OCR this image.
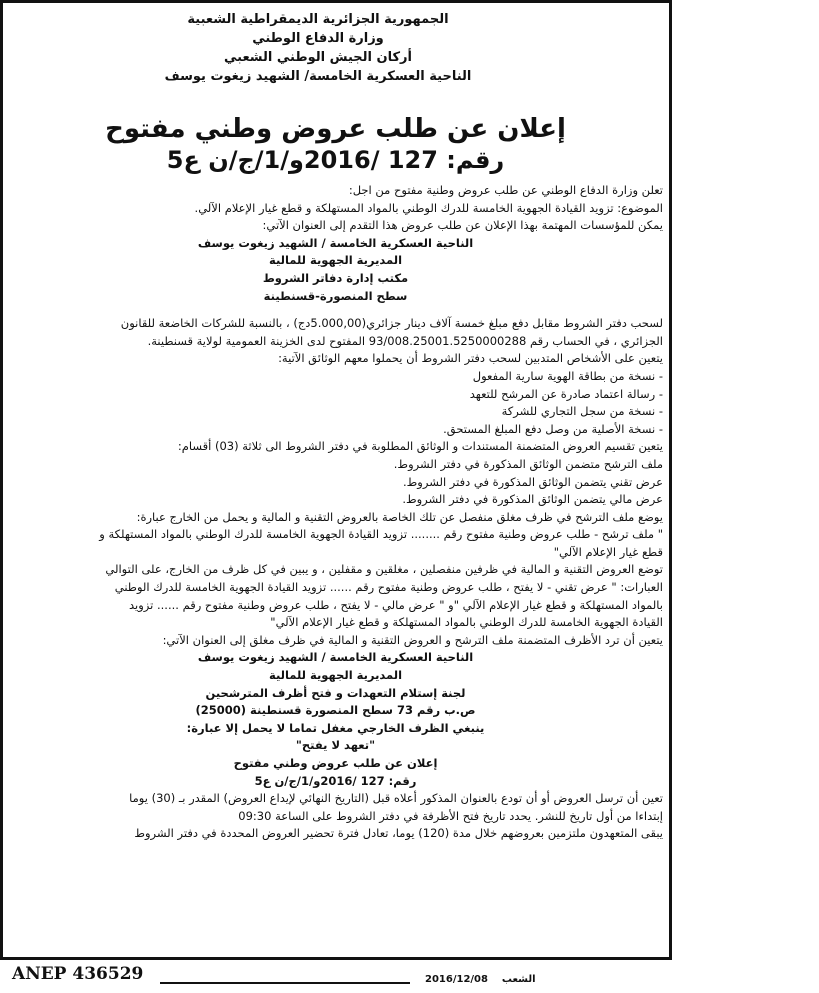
الجمهورية الجزائرية الديمقراطية الشعبية
وزارة الدفاع الوطني
أركان الجيش الوطني الشعبي
الناحية العسكرية الخامسة/ الشهيد زيغوت يوسف
إعلان عن طلب عروض وطني مفتوح
رقم: 127 /2016و/1/ج/ن ع5
تعلن وزارة الدفاع الوطني عن طلب عروض وطنية مفتوح من اجل:
الموضوع: تزويد القيادة الجهوية الخامسة للدرك الوطني بالمواد المستهلكة و قطع غيار الإعلام الآلي.
يمكن للمؤسسات المهتمة بهذا الإعلان عن طلب عروض هذا التقدم إلى العنوان الآتي:
الناحية العسكرية الخامسة / الشهيد زيغوت يوسف
المديرية الجهوية للمالية
مكتب إدارة دفاتر الشروط
سطح المنصورة-قسنطينة
لسحب دفتر الشروط مقابل دفع مبلغ خمسة آلاف دينار جزائري(5.000,00دج) ، بالنسبة للشركات الخاضعة للقانون
الجزائري ، في الحساب رقم 93/008.25001.5250000288 المفتوح لدى الخزينة العمومية لولاية قسنطينة.
يتعين على الأشخاص المتدبين لسحب دفتر الشروط أن يحملوا معهم الوثائق الآتية:
- نسخة من بطاقة الهوية سارية المفعول
- رسالة اعتماد صادرة عن المرشح للتعهد
- نسخة من سجل التجاري للشركة
- نسخة الأصلية من وصل دفع المبلغ المستحق.
يتعين تقسيم العروض المتضمنة المستندات و الوثائق المطلوبة في دفتر الشروط الى ثلاثة (03) أقسام:
ملف الترشح متضمن الوثائق المذكورة في دفتر الشروط.
عرض تقني يتضمن الوثائق المذكورة في دفتر الشروط.
عرض مالي يتضمن الوثائق المذكورة في دفتر الشروط.
يوضع ملف الترشح في ظرف مغلق منفصل عن تلك الخاصة بالعروض التقنية و المالية و يحمل من الخارج عبارة:
" ملف ترشح - طلب عروض وطنية مفتوح رقم ........ تزويد القيادة الجهوية الخامسة للدرك الوطني بالمواد المستهلكة و
قطع غيار الإعلام الآلي"
توضع العروض التقنية و المالية في ظرفين منفصلين ، مغلقين و مقفلين ، و يبين في كل ظرف من الخارج، على التوالي
العبارات: " عرض تقني - لا يفتح ، طلب عروض وطنية مفتوح رقم ...... تزويد القيادة الجهوية الخامسة للدرك الوطني
بالمواد المستهلكة و قطع غيار الإعلام الآلي "و " عرض مالي - لا يفتح ، طلب عروض وطنية مفتوح رقم ...... تزويد
القيادة الجهوية الخامسة للدرك الوطني بالمواد المستهلكة و قطع غيار الإعلام الآلي"
يتعين أن ترد الأظرف المتضمنة ملف الترشح و العروض التقنية و المالية في ظرف مغلق إلى العنوان الآتي:
الناحية العسكرية الخامسة / الشهيد زيغوت يوسف
المديرية الجهوية للمالية
لجنة إستلام التعهدات و فتح أظرف المترشحين
ص.ب رقم 73 سطح المنصورة قسنطينة (25000)
ينبغي الظرف الخارجي مغفل تماما لا يحمل إلا عبارة:
"تعهد لا يفتح"
إعلان عن طلب عروض وطني مفتوح
رقم: 127 /2016و/1/ج/ن ع5
تعين أن ترسل العروض أو أن تودع بالعنوان المذكور أعلاه قبل (التاريخ النهائي لإيداع العروض) المقدر بـ (30) يوما
إبتداءا من أول تاريخ للنشر. يحدد تاريخ فتح الأظرفة في دفتر الشروط على الساعة 09:30
يبقى المتعهدون ملتزمين بعروضهم خلال مدة (120) يوما، تعادل فترة تحضير العروض المحددة في دفتر الشروط
الشعب    2016/12/08
ANEP 436529
